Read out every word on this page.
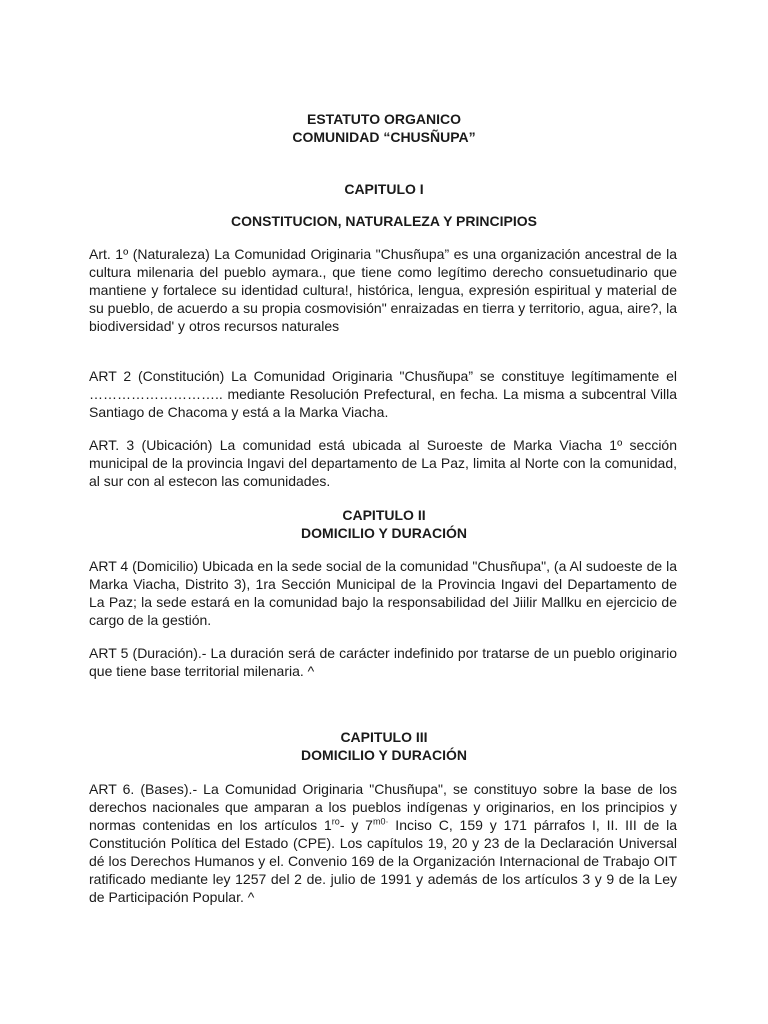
ESTATUTO ORGANICO

COMUNIDAD “CHUSÑUPA”

CAPITULO I

CONSTITUCION, NATURALEZA Y PRINCIPIOS

Art. 1º (Naturaleza) La Comunidad Originaria "Chusñupa” es una organización ancestral de la cultura milenaria del pueblo aymara., que tiene como legítimo derecho consuetudinario que mantiene y fortalece su identidad cultura!, histórica, lengua, expresión espiritual y material de su pueblo, de acuerdo a su propia cosmovisión" enraizadas en tierra y territorio, agua, aire?, la biodiversidad' y otros recursos naturales

ART 2 (Constitución) La Comunidad Originaria "Chusñupa” se constituye legítimamente el ……………………….. mediante Resolución Prefectural, en fecha. La misma a subcentral Villa Santiago de Chacoma y está a la Marka Viacha.

ART. 3 (Ubicación) La comunidad está ubicada al Suroeste de Marka Viacha 1º sección municipal de la provincia Ingavi del departamento de La Paz, limita al Norte con la comunidad, al sur con al estecon las comunidades.

CAPITULO II

DOMICILIO Y DURACIÓN

ART 4 (Domicilio) Ubicada en la sede social de la comunidad "Chusñupa", (a Al sudoeste de la Marka Viacha, Distrito 3), 1ra Sección Municipal de la Provincia Ingavi del Departamento de La Paz; la sede estará en la comunidad bajo la responsabilidad del Jiilir Mallku en ejercicio de cargo de la gestión.

ART 5 (Duración).- La duración será de carácter indefinido por tratarse de un pueblo originario que tiene base territorial milenaria. ^

CAPITULO III

DOMICILIO Y DURACIÓN

ART 6. (Bases).- La Comunidad Originaria "Chusñupa", se constituyo sobre la base de los derechos nacionales que amparan a los pueblos indígenas y originarios, en los principios y normas contenidas en los artículos $1^{ro}-$ y $7^{m0\cdot}$ Inciso C, 159 y 171 párrafos I, II. III de la Constitución Política del Estado (CPE). Los capítulos 19, 20 y 23 de la Declaración Universal dé los Derechos Humanos y el. Convenio 169 de la Organización Internacional de Trabajo OIT ratificado mediante ley 1257 del 2 de. julio de 1991 y además de los artículos 3 y 9 de la Ley de Participación Popular. ^
